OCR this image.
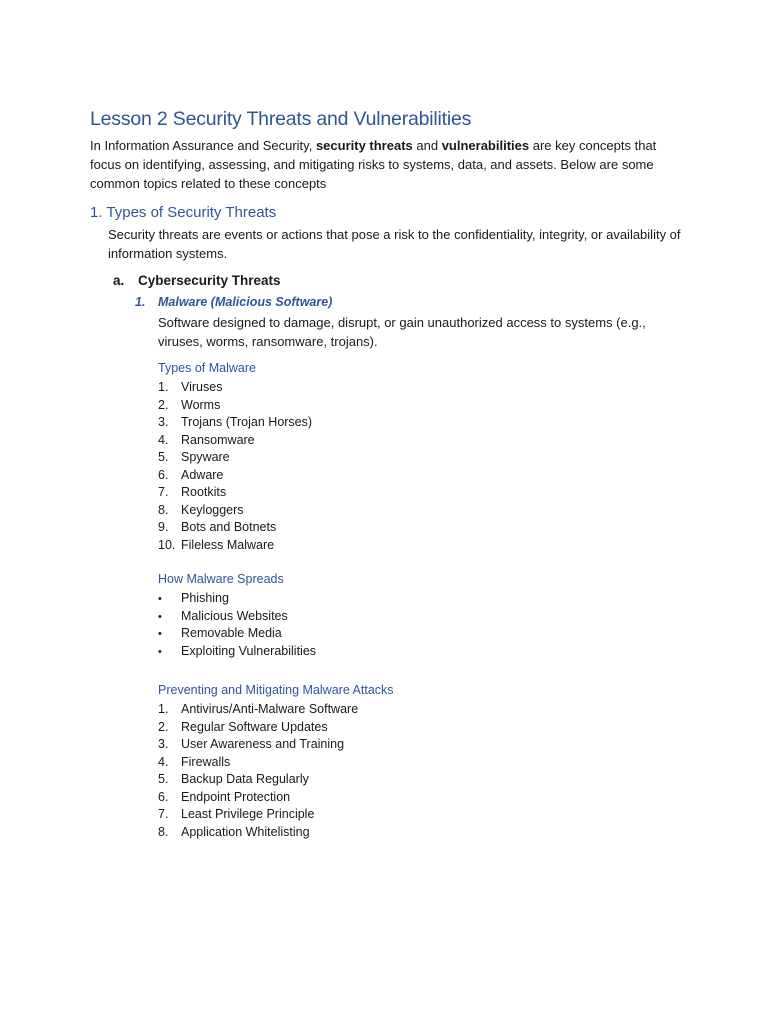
Lesson 2 Security Threats and Vulnerabilities

In Information Assurance and Security, security threats and vulnerabilities are key concepts that focus on identifying, assessing, and mitigating risks to systems, data, and assets. Below are some common topics related to these concepts

1. Types of Security Threats

Security threats are events or actions that pose a risk to the confidentiality, integrity, or availability of information systems.

a. Cybersecurity Threats
1. Malware (Malicious Software)

Software designed to damage, disrupt, or gain unauthorized access to systems (e.g., viruses, worms, ransomware, trojans).

Types of Malware

1. Viruses
2. Worms
3. Trojans (Trojan Horses)
4. Ransomware
5. Spyware
6. Adware
7. Rootkits
8. Keyloggers
9. Bots and Botnets
10. Fileless Malware

How Malware Spreads

• Phishing
• Malicious Websites
• Removable Media
• Exploiting Vulnerabilities

Preventing and Mitigating Malware Attacks

1. Antivirus/Anti-Malware Software
2. Regular Software Updates
3. User Awareness and Training
4. Firewalls
5. Backup Data Regularly
6. Endpoint Protection
7. Least Privilege Principle
8. Application Whitelisting
